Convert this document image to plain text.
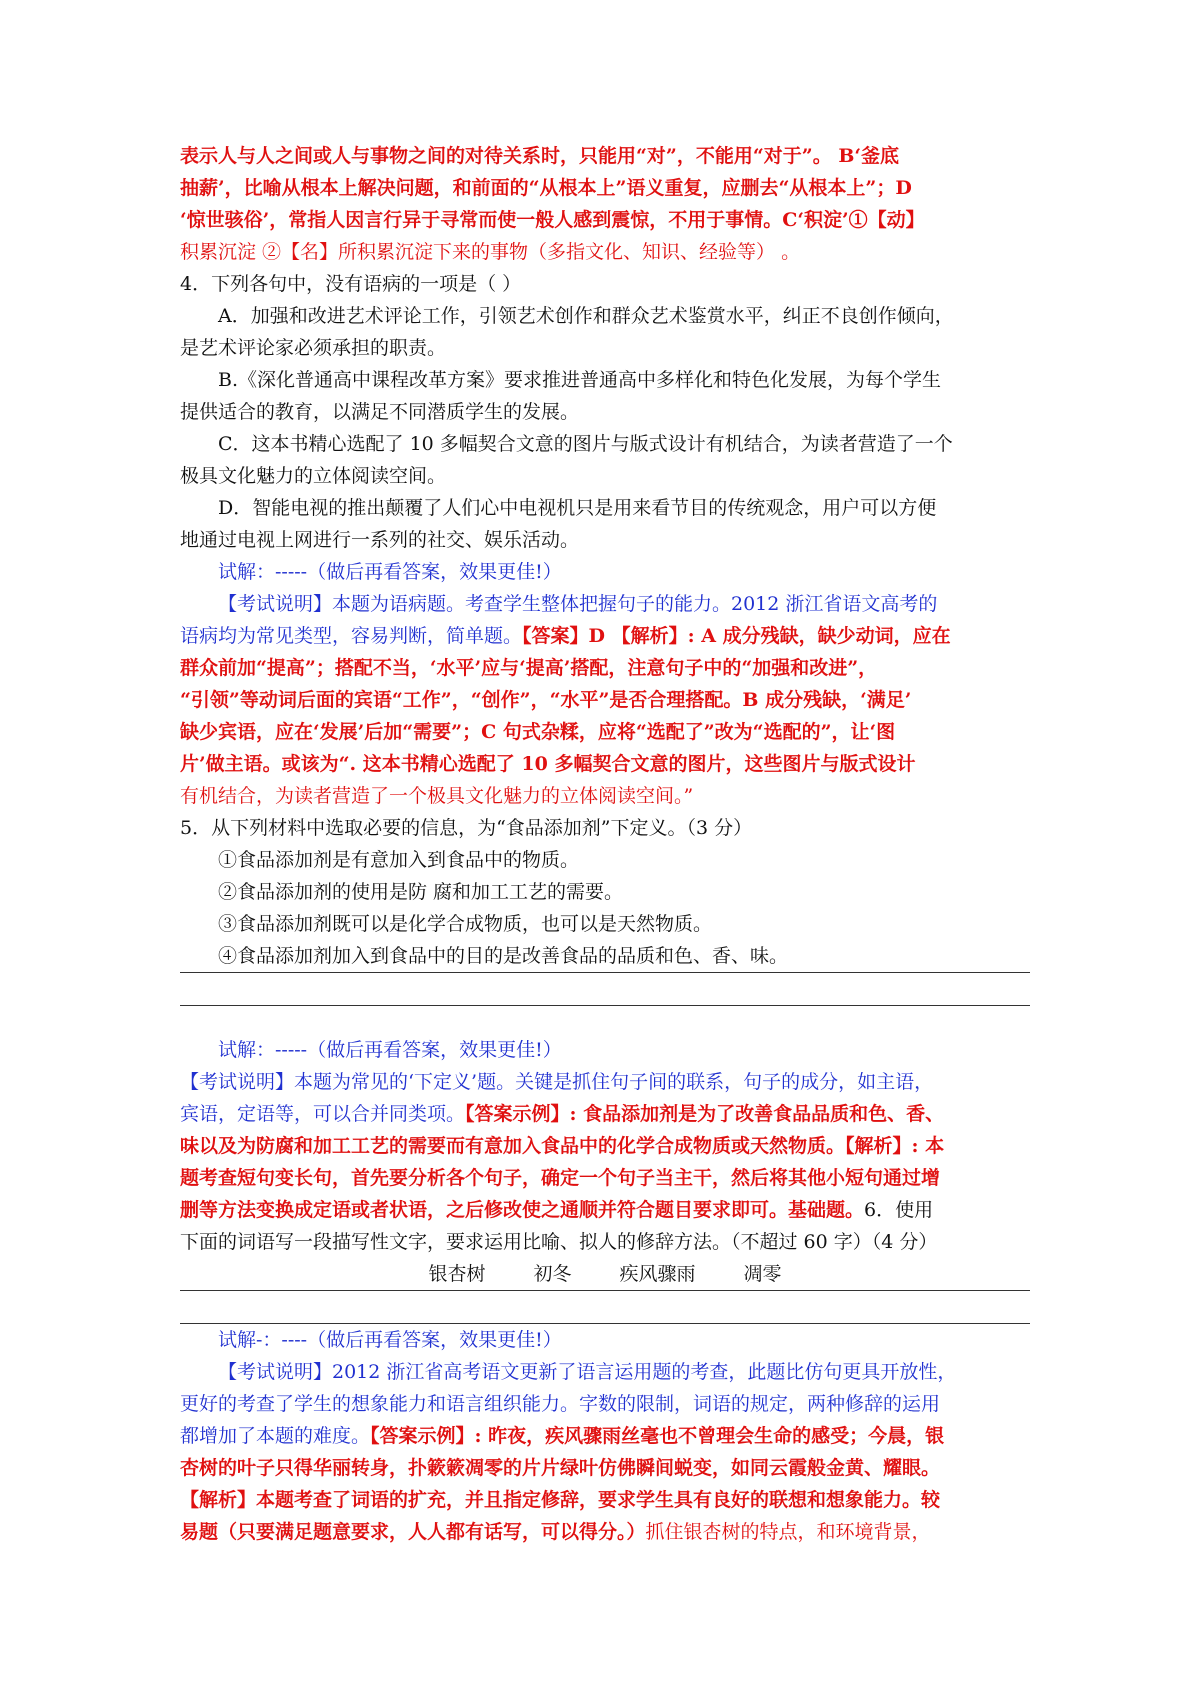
表示人与人之间或人与事物之间的对待关系时，只能用“对”，不能用“对于”。 B‘釜底
抽薪’，比喻从根本上解决问题，和前面的“从根本上”语义重复，应删去“从根本上”；D
‘惊世骇俗’，常指人因言行异于寻常而使一般人感到震惊，不用于事情。C‘积淀’①【动】
积累沉淀 ②【名】所积累沉淀下来的事物（多指文化、知识、经验等） 。
4．下列各句中，没有语病的一项是（ ）
A．加强和改进艺术评论工作，引领艺术创作和群众艺术鉴赏水平，纠正不良创作倾向，
是艺术评论家必须承担的职责。
B.《深化普通高中课程改革方案》要求推进普通高中多样化和特色化发展，为每个学生
提供适合的教育，以满足不同潜质学生的发展。
C．这本书精心选配了 10 多幅契合文意的图片与版式设计有机结合，为读者营造了一个
极具文化魅力的立体阅读空间。
D．智能电视的推出颠覆了人们心中电视机只是用来看节目的传统观念，用户可以方便
地通过电视上网进行一系列的社交、娱乐活动。
试解：-----（做后再看答案，效果更佳!）
【考试说明】本题为语病题。考查学生整体把握句子的能力。2012 浙江省语文高考的
语病均为常见类型，容易判断，简单题。【答案】D 【解析】: A 成分残缺，缺少动词，应在
群众前加“提高”；搭配不当，‘水平’应与‘提高’搭配，注意句子中的“加强和改进”，
“引领”等动词后面的宾语“工作”，“创作”，“水平”是否合理搭配。B 成分残缺，‘满足’
缺少宾语，应在‘发展’后加“需要”；C 句式杂糅，应将“选配了”改为“选配的”，让‘图
片’做主语。或该为“. 这本书精心选配了 10 多幅契合文意的图片，这些图片与版式设计
有机结合，为读者营造了一个极具文化魅力的立体阅读空间。”
5．从下列材料中选取必要的信息，为“食品添加剂”下定义。（3 分）
①食品添加剂是有意加入到食品中的物质。
②食品添加剂的使用是防 腐和加工工艺的需要。
③食品添加剂既可以是化学合成物质，也可以是天然物质。
④食品添加剂加入到食品中的目的是改善食品的品质和色、香、味。
试解：-----（做后再看答案，效果更佳!）
【考试说明】本题为常见的‘下定义’题。关键是抓住句子间的联系，句子的成分，如主语，
宾语，定语等，可以合并同类项。【答案示例】: 食品添加剂是为了改善食品品质和色、香、
味以及为防腐和加工工艺的需要而有意加入食品中的化学合成物质或天然物质。【解析】: 本
题考查短句变长句，首先要分析各个句子，确定一个句子当主干，然后将其他小短句通过增
删等方法变换成定语或者状语，之后修改使之通顺并符合题目要求即可。基础题。6．使用
下面的词语写一段描写性文字，要求运用比喻、拟人的修辞方法。（不超过 60 字）（4 分）
银杏树	初冬	疾风骤雨	凋零
试解-：----（做后再看答案，效果更佳!）
【考试说明】2012 浙江省高考语文更新了语言运用题的考查，此题比仿句更具开放性，
更好的考查了学生的想象能力和语言组织能力。字数的限制，词语的规定，两种修辞的运用
都增加了本题的难度。【答案示例】: 昨夜，疾风骤雨丝毫也不曾理会生命的感受；今晨，银
杏树的叶子只得华丽转身，扑簌簌凋零的片片绿叶仿佛瞬间蜕变，如同云霞般金黄、耀眼。
【解析】本题考查了词语的扩充，并且指定修辞，要求学生具有良好的联想和想象能力。较
易题（只要满足题意要求，人人都有话写，可以得分。）抓住银杏树的特点，和环境背景，
